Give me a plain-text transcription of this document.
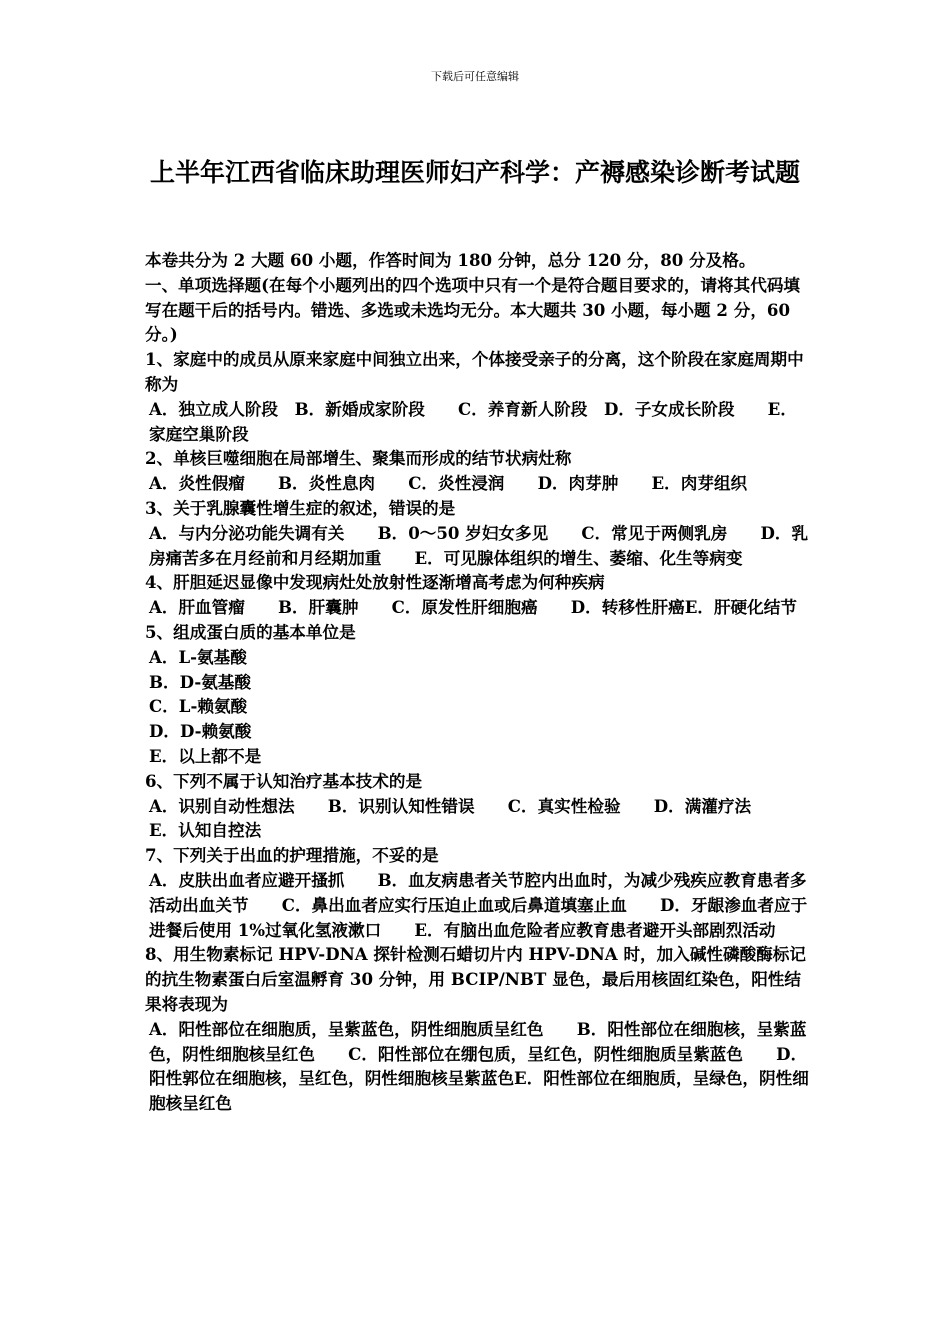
下载后可任意编辑
上半年江西省临床助理医师妇产科学：产褥感染诊断考试题

本卷共分为 2 大题 60 小题，作答时间为 180 分钟，总分 120 分，80 分及格。

一、单项选择题(在每个小题列出的四个选项中只有一个是符合题目要求的，请将其代码填写在题干后的括号内。错选、多选或未选均无分。本大题共 30 小题，每小题 2 分，60 分。)

1、家庭中的成员从原来家庭中间独立出来，个体接受亲子的分离，这个阶段在家庭周期中称为

A．独立成人阶段　B．新婚成家阶段　　C．养育新人阶段　D．子女成长阶段　　E．家庭空巢阶段

2、单核巨噬细胞在局部增生、聚集而形成的结节状病灶称

A．炎性假瘤　　B．炎性息肉　　C．炎性浸润　　D．肉芽肿　　E．肉芽组织

3、关于乳腺囊性增生症的叙述，错误的是

A．与内分泌功能失调有关　　B．0～50 岁妇女多见　　C．常见于两侧乳房　　D．乳房痛苦多在月经前和月经期加重　　E．可见腺体组织的增生、萎缩、化生等病变

4、肝胆延迟显像中发现病灶处放射性逐渐增高考虑为何种疾病

A．肝血管瘤　　B．肝囊肿　　C．原发性肝细胞癌　　D．转移性肝癌E．肝硬化结节

5、组成蛋白质的基本单位是

A．L-氨基酸

B．D-氨基酸

C．L-赖氨酸

D．D-赖氨酸

E．以上都不是

6、下列不属于认知治疗基本技术的是

A．识别自动性想法　　B．识别认知性错误　　C．真实性检验　　D．满灌疗法　　E．认知自控法

7、下列关于出血的护理措施，不妥的是

A．皮肤出血者应避开搔抓　　B．血友病患者关节腔内出血时，为减少残疾应教育患者多活动出血关节　　C．鼻出血者应实行压迫止血或后鼻道填塞止血　　D．牙龈渗血者应于进餐后使用 1%过氧化氢液漱口　　E．有脑出血危险者应教育患者避开头部剧烈活动

8、用生物素标记 HPV-DNA 探针检测石蜡切片内 HPV-DNA 时，加入碱性磷酸酶标记的抗生物素蛋白后室温孵育 30 分钟，用 BCIP/NBT 显色，最后用核固红染色，阳性结果将表现为

A．阳性部位在细胞质，呈紫蓝色，阴性细胞质呈红色　　B．阳性部位在细胞核，呈紫蓝色，阴性细胞核呈红色　　C．阳性部位在绷包质，呈红色，阴性细胞质呈紫蓝色　　D．阳性郭位在细胞核，呈红色，阴性细胞核呈紫蓝色E．阳性部位在细胞质，呈绿色，阴性细胞核呈红色
